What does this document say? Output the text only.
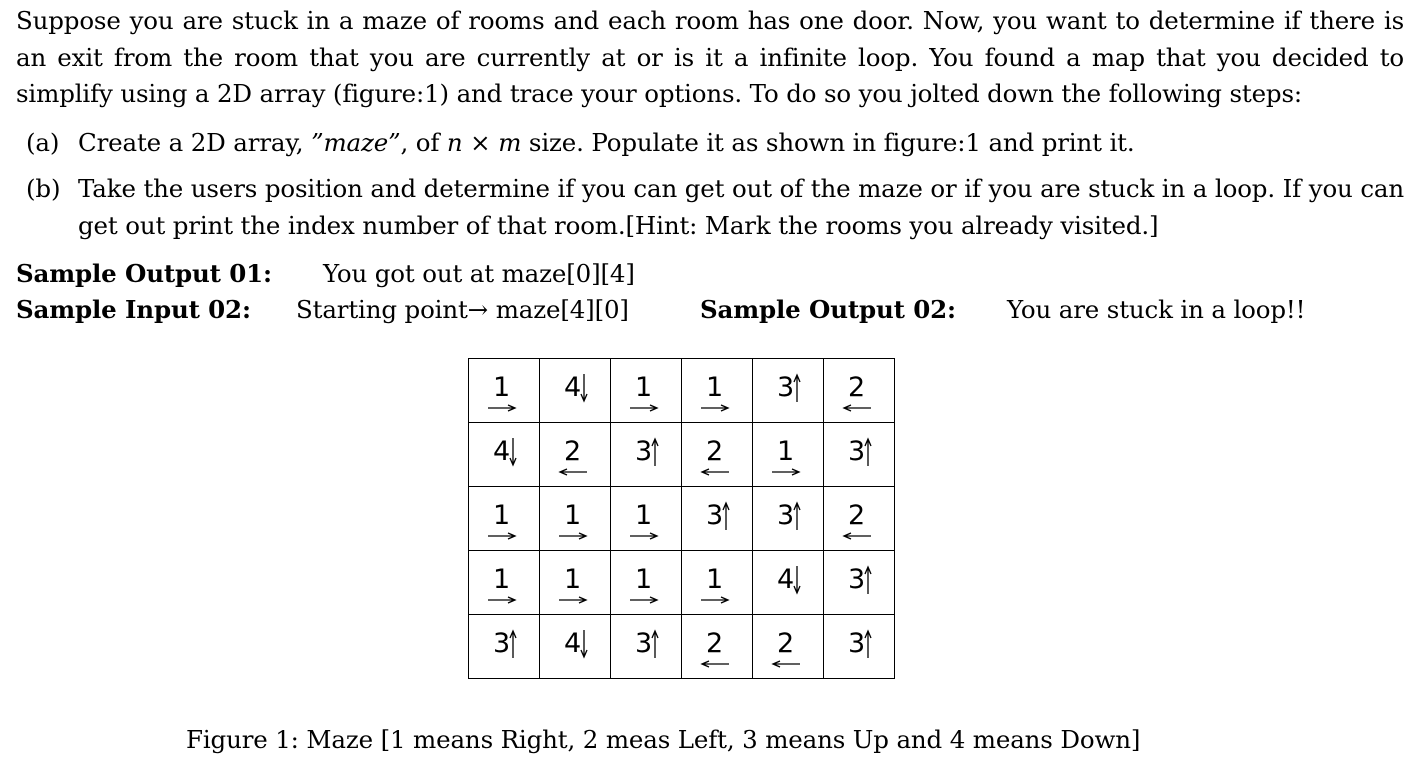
Suppose you are stuck in a maze of rooms and each room has one door. Now, you want to determine if there is an exit from the room that you are currently at or is it a infinite loop. You found a map that you decided to simplify using a 2D array (figure:1) and trace your options. To do so you jolted down the following steps:
(a) Create a 2D array, ”maze”, of n × m size. Populate it as shown in figure:1 and print it.
(b) Take the users position and determine if you can get out of the maze or if you are stuck in a loop. If you can get out print the index number of that room.[Hint: Mark the rooms you already visited.]
Sample Output 01: You got out at maze[0][4]
Sample Input 02: Starting point→ maze[4][0]	Sample Output 02: You are stuck in a loop!!
1	4	1	1	3	2

4	2	3	2	1	3

1	1	1	3	3	2

1	1	1	1	4	3

3	4	3	2	2	3
Figure 1: Maze [1 means Right, 2 meas Left, 3 means Up and 4 means Down]
